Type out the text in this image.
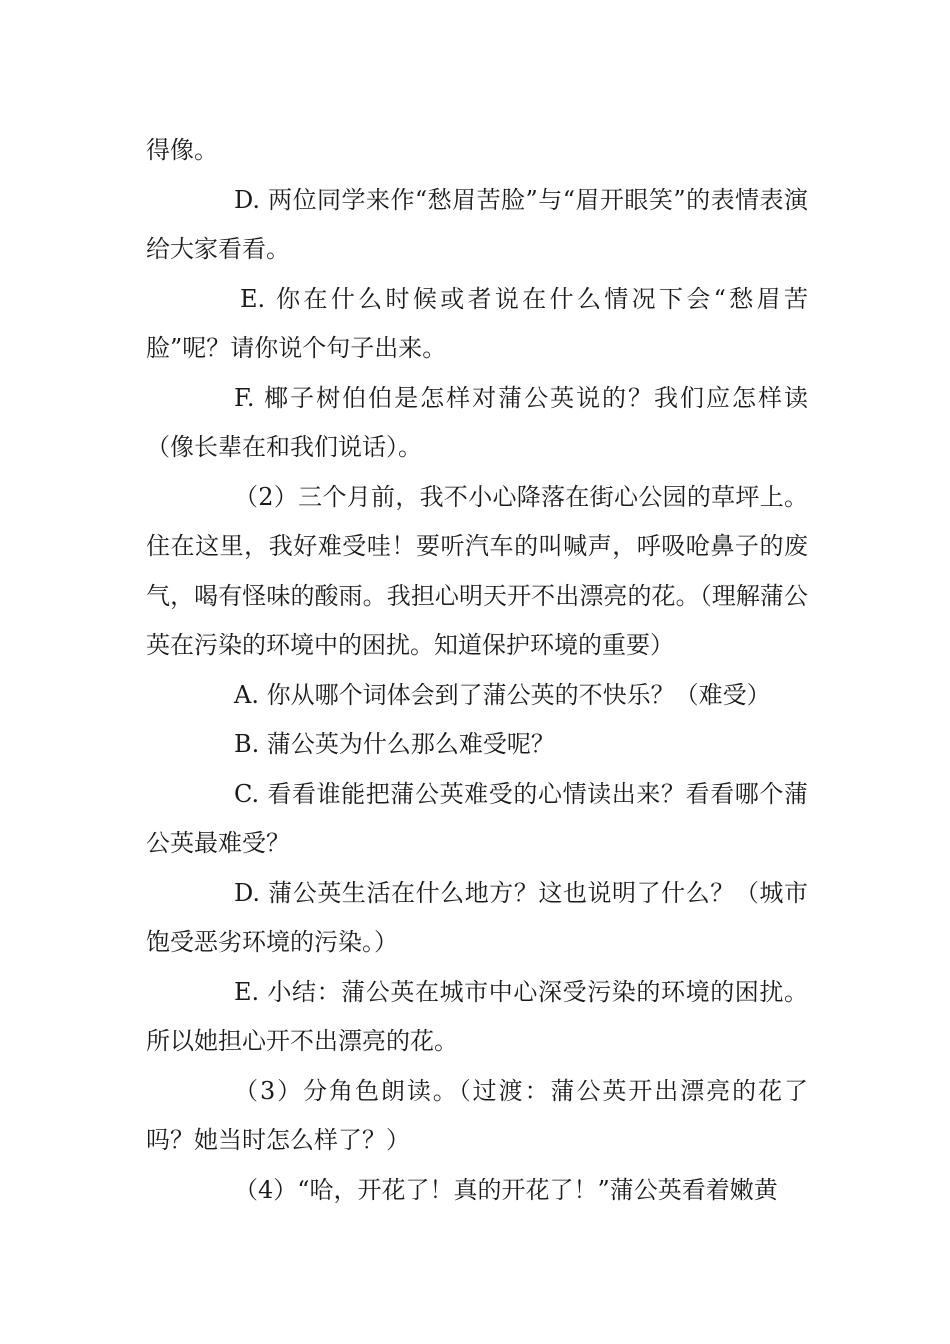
得像。

D. 两位同学来作“愁眉苦脸”与“眉开眼笑”的表情表演给大家看看。

E. 你在什么时候或者说在什么情况下会“愁眉苦脸”呢？请你说个句子出来。

F. 椰子树伯伯是怎样对蒲公英说的？我们应怎样读（像长辈在和我们说话）。

（2）三个月前，我不小心降落在街心公园的草坪上。住在这里，我好难受哇！要听汽车的叫喊声，呼吸呛鼻子的废气，喝有怪味的酸雨。我担心明天开不出漂亮的花。（理解蒲公英在污染的环境中的困扰。知道保护环境的重要）

A. 你从哪个词体会到了蒲公英的不快乐？（难受）

B. 蒲公英为什么那么难受呢？

C. 看看谁能把蒲公英难受的心情读出来？看看哪个蒲公英最难受？

D. 蒲公英生活在什么地方？这也说明了什么？（城市饱受恶劣环境的污染。）

E. 小结：蒲公英在城市中心深受污染的环境的困扰。所以她担心开不出漂亮的花。

（3）分角色朗读。（过渡：蒲公英开出漂亮的花了吗？她当时怎么样了？）

（4）“哈，开花了！真的开花了！”蒲公英看着嫩黄
